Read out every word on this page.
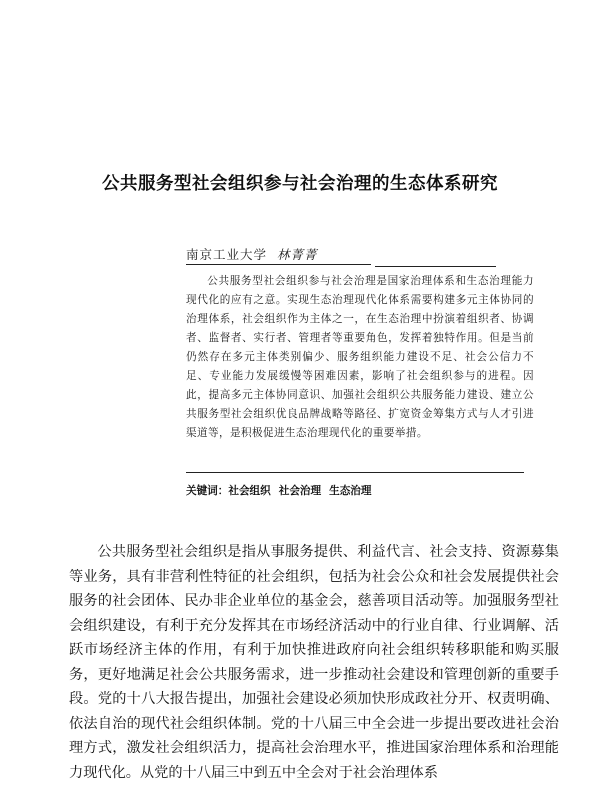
公共服务型社会组织参与社会治理的生态体系研究
南京工业大学 林菁菁
公共服务型社会组织参与社会治理是国家治理体系和生态治理能力现代化的应有之意。实现生态治理现代化体系需要构建多元主体协同的治理体系，社会组织作为主体之一，在生态治理中扮演着组织者、协调者、监督者、实行者、管理者等重要角色，发挥着独特作用。但是当前仍然存在多元主体类别偏少、服务组织能力建设不足、社会公信力不足、专业能力发展缓慢等困难因素，影响了社会组织参与的进程。因此，提高多元主体协同意识、加强社会组织公共服务能力建设、建立公共服务型社会组织优良品牌战略等路径、扩宽资金筹集方式与人才引进渠道等，是积极促进生态治理现代化的重要举措。
关键词：社会组织 社会治理 生态治理
公共服务型社会组织是指从事服务提供、利益代言、社会支持、资源募集等业务，具有非营利性特征的社会组织，包括为社会公众和社会发展提供社会服务的社会团体、民办非企业单位的基金会，慈善项目活动等。加强服务型社会组织建设，有利于充分发挥其在市场经济活动中的行业自律、行业调解、活跃市场经济主体的作用，有利于加快推进政府向社会组织转移职能和购买服务，更好地满足社会公共服务需求，进一步推动社会建设和管理创新的重要手段。党的十八大报告提出，加强社会建设必须加快形成政社分开、权责明确、依法自治的现代社会组织体制。党的十八届三中全会进一步提出要改进社会治理方式，激发社会组织活力，提高社会治理水平，推进国家治理体系和治理能力现代化。从党的十八届三中到五中全会对于社会治理体系
